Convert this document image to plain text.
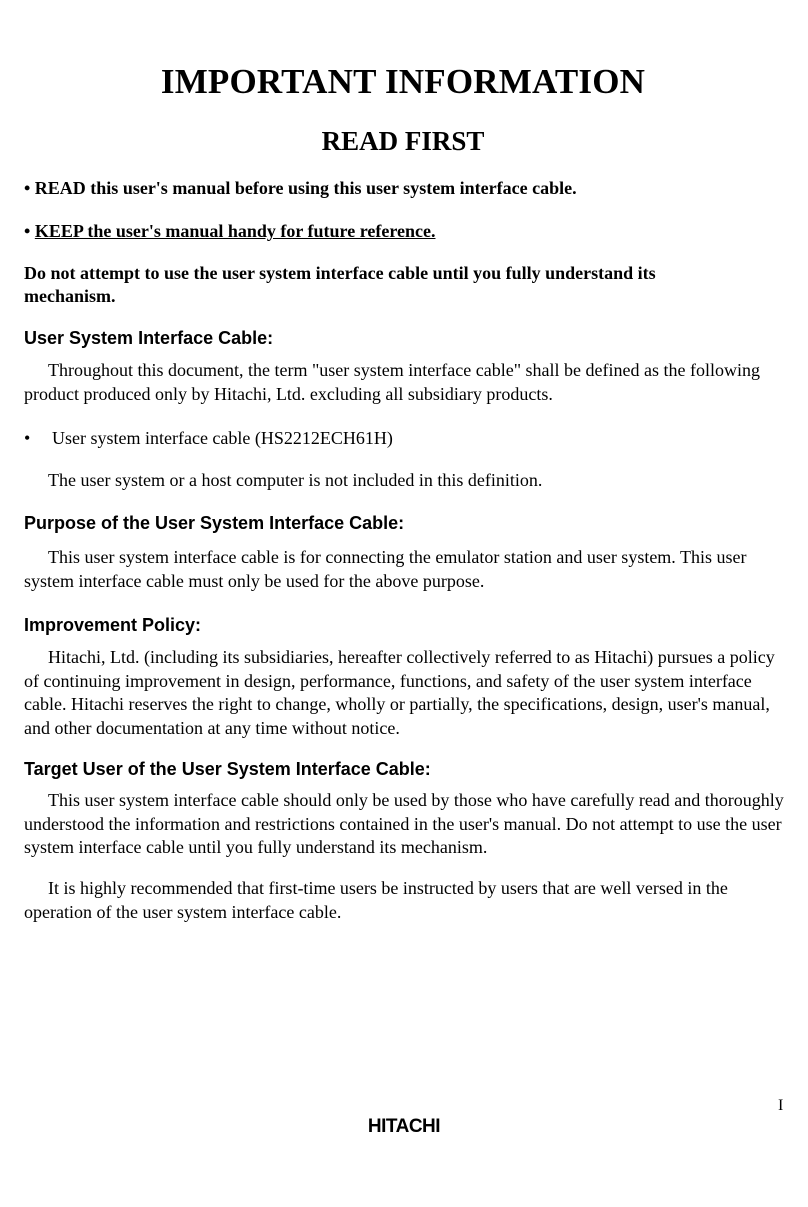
IMPORTANT INFORMATION
READ FIRST

• READ this user's manual before using this user system interface cable.

• KEEP the user's manual handy for future reference.

Do not attempt to use the user system interface cable until you fully understand its mechanism.

User System Interface Cable:

Throughout this document, the term "user system interface cable" shall be defined as the following product produced only by Hitachi, Ltd. excluding all subsidiary products.

•	User system interface cable (HS2212ECH61H)

The user system or a host computer is not included in this definition.

Purpose of the User System Interface Cable:

This user system interface cable is for connecting the emulator station and user system. This user system interface cable must only be used for the above purpose.

Improvement Policy:

Hitachi, Ltd. (including its subsidiaries, hereafter collectively referred to as Hitachi) pursues a policy of continuing improvement in design, performance, functions, and safety of the user system interface cable. Hitachi reserves the right to change, wholly or partially, the specifications, design, user's manual, and other documentation at any time without notice.

Target User of the User System Interface Cable:

This user system interface cable should only be used by those who have carefully read and thoroughly understood the information and restrictions contained in the user's manual. Do not attempt to use the user system interface cable until you fully understand its mechanism.

It is highly recommended that first-time users be instructed by users that are well versed in the operation of the user system interface cable.

I
HITACHI
